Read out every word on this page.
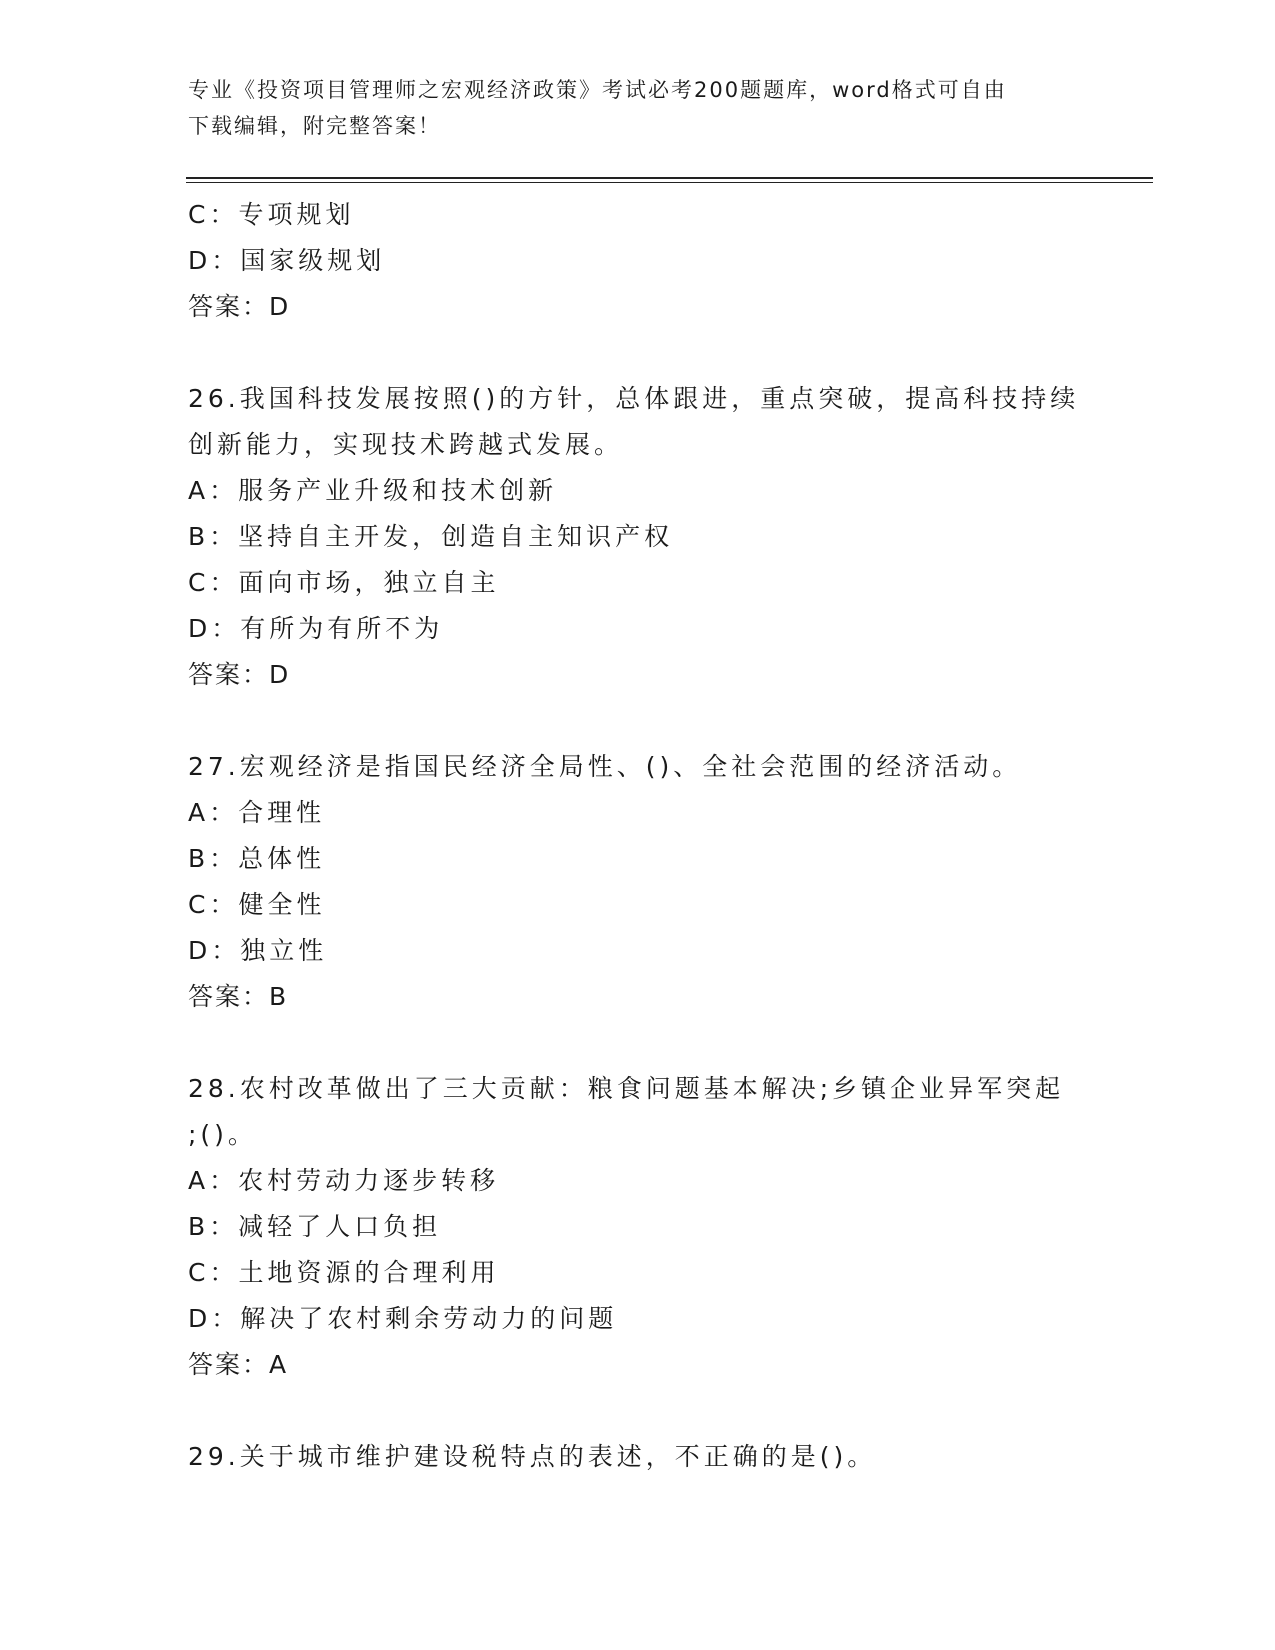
专业《投资项目管理师之宏观经济政策》考试必考200题题库，word格式可自由
下载编辑，附完整答案！
C：专项规划
D：国家级规划
答案：D
26.我国科技发展按照()的方针，总体跟进，重点突破，提高科技持续
创新能力，实现技术跨越式发展。
A：服务产业升级和技术创新
B：坚持自主开发，创造自主知识产权
C：面向市场，独立自主
D：有所为有所不为
答案：D
27.宏观经济是指国民经济全局性、()、全社会范围的经济活动。
A：合理性
B：总体性
C：健全性
D：独立性
答案：B
28.农村改革做出了三大贡献：粮食问题基本解决;乡镇企业异军突起
;()。
A：农村劳动力逐步转移
B：减轻了人口负担
C：土地资源的合理利用
D：解决了农村剩余劳动力的问题
答案：A
29.关于城市维护建设税特点的表述，不正确的是()。
